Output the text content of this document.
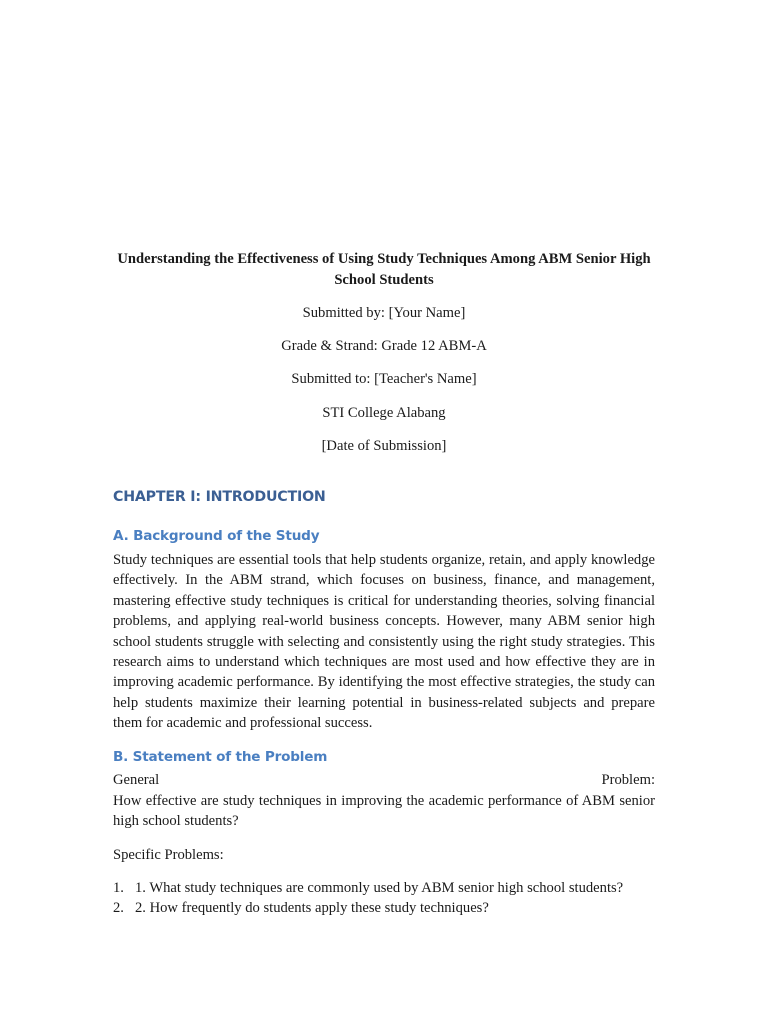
Understanding the Effectiveness of Using Study Techniques Among ABM Senior High School Students

Submitted by: [Your Name]

Grade & Strand: Grade 12 ABM-A

Submitted to: [Teacher's Name]

STI College Alabang

[Date of Submission]

CHAPTER I: INTRODUCTION
A. Background of the Study

Study techniques are essential tools that help students organize, retain, and apply knowledge effectively. In the ABM strand, which focuses on business, finance, and management, mastering effective study techniques is critical for understanding theories, solving financial problems, and applying real-world business concepts. However, many ABM senior high school students struggle with selecting and consistently using the right study strategies. This research aims to understand which techniques are most used and how effective they are in improving academic performance. By identifying the most effective strategies, the study can help students maximize their learning potential in business-related subjects and prepare them for academic and professional success.

B. Statement of the Problem
General	Problem:

How effective are study techniques in improving the academic performance of ABM senior high school students?

Specific Problems:

1. 1. What study techniques are commonly used by ABM senior high school students?
2. 2. How frequently do students apply these study techniques?
